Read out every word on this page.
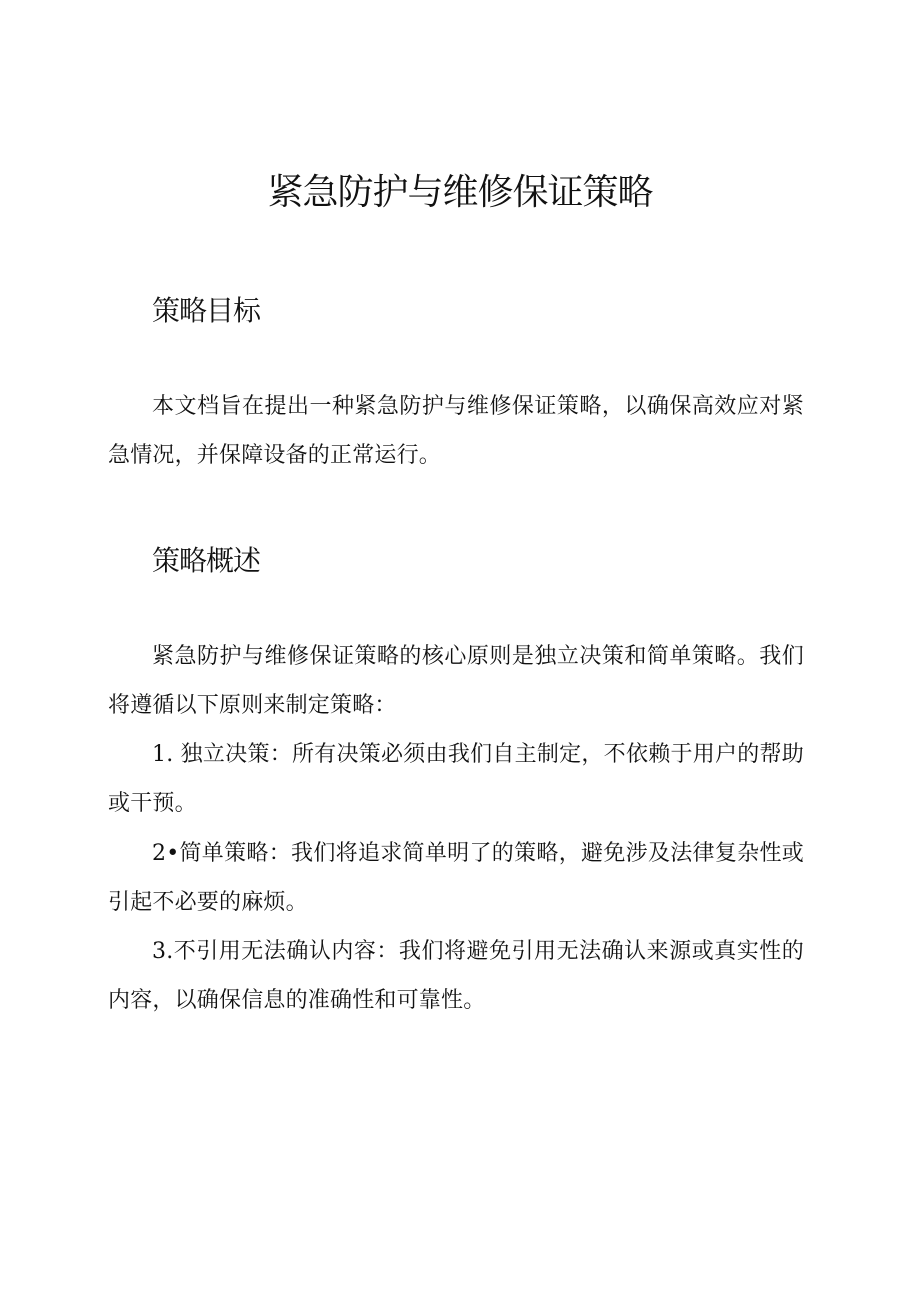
紧急防护与维修保证策略
策略目标

本文档旨在提出一种紧急防护与维修保证策略，以确保高效应对紧急情况，并保障设备的正常运行。

策略概述

紧急防护与维修保证策略的核心原则是独立决策和简单策略。我们将遵循以下原则来制定策略：

1. 独立决策：所有决策必须由我们自主制定，不依赖于用户的帮助或干预。

2•简单策略：我们将追求简单明了的策略，避免涉及法律复杂性或引起不必要的麻烦。

3.不引用无法确认内容：我们将避免引用无法确认来源或真实性的内容，以确保信息的准确性和可靠性。
